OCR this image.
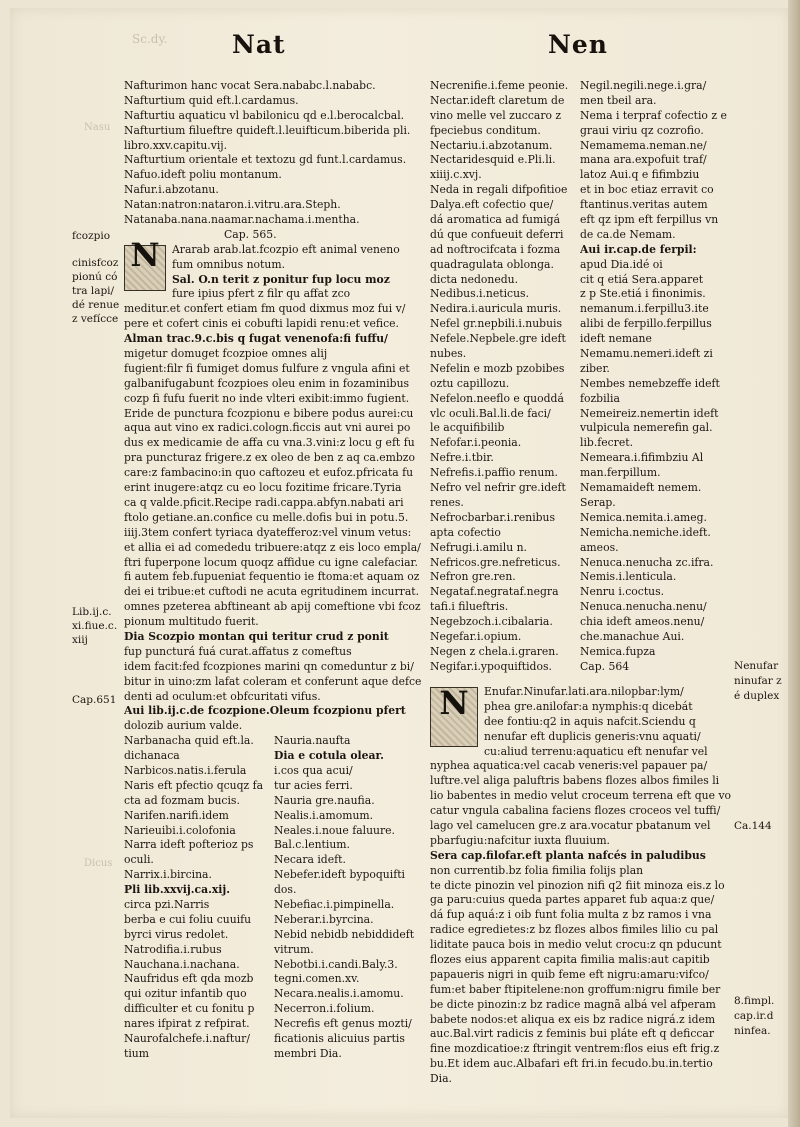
Sc.dy.
Nasu
Dicus
Nat	Nen
Nafturimon hanc vocat Sera.nababc.l.nababc.
Nafturtium quid eft.l.cardamus.
Nafturtiu aquaticu vl babilonicu qd e.l.berocalcbal.
Nafturtium filueftre quideft.l.leuifticum.biberida pli.
libro.xxv.capitu.vij.
Nafturtium orientale et textozu gd funt.l.cardamus.
Nafuo.ideft poliu montanum.
Nafur.i.abzotanu.
Natan:natron:nataron.i.vitru.ara.Steph.
Natanaba.nana.naamar.nachama.i.mentha.
Cap. 565.
N	Ararab arab.lat.fcozpio eft animal veneno
fum omnibus notum.
Sal. O.n terit z ponitur fup locu moz
fure ipius pfert z filr qu affat zco
meditur.et confert etiam fm quod dixmus moz fui v/
pere et cofert cinis ei cobufti lapidi renu:et vefice.
Alman trac.9.c.bis q fugat venenofa:fi fuffu/
migetur domuget fcozpioe omnes alij
fugient:filr fi fumiget domus fulfure z vngula afini et
galbanifugabunt fcozpioes oleu enim in fozaminibus
cozp fi fufu fuerit no inde vlteri exibit:immo fugient.
Eride de punctura fcozpionu e bibere podus aurei:cu
aqua aut vino ex radici.cologn.ficcis aut vni aurei po
dus ex medicamie de affa cu vna.3.vini:z locu g eft fu
pra puncturaz frigere.z ex oleo de ben z aq ca.embzo
care:z fambacino:in quo caftozeu et eufoz.pfricata fu
erint inugere:atqz cu eo locu fozitime fricare.Tyria
ca q valde.pficit.Recipe radi.cappa.abfyn.nabati ari
ftolo getiane.an.confice cu melle.dofis bui in potu.5.
iiij.3tem confert tyriaca dyatefferoz:vel vinum vetus:
et allia ei ad comededu tribuere:atqz z eis loco empla/
ftri fuperpone locum quoqz affidue cu igne calefaciar.
fi autem feb.fupueniat fequentio ie ftoma:et aquam oz
dei ei tribue:et cuftodi ne acuta egritudinem incurrat.
omnes pzeterea abftineant ab apij comeftione vbi fcoz
pionum multitudo fuerit.
Dia Scozpio montan qui teritur crud z ponit
fup puncturá fuá curat.affatus z comeftus
idem facit:fed fcozpiones marini qn comeduntur z bi/
bitur in uino:zm lafat coleram et conferunt aque defce
denti ad oculum:et obfcuritati vifus.
Aui lib.ij.c.de fcozpione.Oleum fcozpionu pfert
dolozib aurium valde.
Narbanacha quid eft.la.
dichanaca
Narbicos.natis.i.ferula
Naris eft pfectio qcuqz fa
cta ad fozmam bucis.
Narifen.narifi.idem
Narieuibi.i.colofonia
Narra ideft pofterioz ps
oculi.
Narrix.i.bircina.
Pli lib.xxvij.ca.xij.
circa pzi.Narris
berba e cui foliu cuuifu
byrci virus redolet.
Natrodifia.i.rubus
Nauchana.i.nachana.
Naufridus eft qda mozb
qui ozitur infantib quo
difficulter et cu fonitu p
nares ifpirat z refpirat.
Naurofalchefe.i.naftur/
tium
Nauria.naufta
Dia e cotula olear.
i.cos qua acui/
tur acies ferri.
Nauria gre.naufia.
Nealis.i.amomum.
Neales.i.noue faluure.
Bal.c.lentium.
Necara ideft.
Nebefer.ideft bypoquifti
dos.
Nebefiac.i.pimpinella.
Neberar.i.byrcina.
Nebid nebidb nebiddideft
vitrum.
Nebotbi.i.candi.Baly.3.
tegni.comen.xv.
Necara.nealis.i.amomu.
Necerron.i.folium.
Necrefis eft genus mozti/
ficationis alicuius partis
membri Dia.
Necrenifie.i.feme peonie.
Nectar.ideft claretum de
vino melle vel zuccaro z
fpeciebus conditum.
Nectariu.i.abzotanum.
Nectaridesquid e.Pli.li.
xiiij.c.xvj.
Neda in regali difpofitioe
Dalya.eft cofectio que/
dá aromatica ad fumigá
dú que confueuit deferri
ad noftrocifcata i fozma
quadragulata oblonga.
dicta nedonedu.
Nedibus.i.neticus.
Nedira.i.auricula muris.
Nefel gr.nepbili.i.nubuis
Nefele.Nepbele.gre ideft
nubes.
Nefelin e mozb pzobibes
oztu capillozu.
Nefelon.neeflo e quoddá
vlc oculi.Bal.li.de faci/
le acquifibilib
Nefofar.i.peonia.
Nefre.i.tbir.
Nefrefis.i.paffio renum.
Nefro vel nefrir gre.ideft
renes.
Nefrocbarbar.i.renibus
apta cofectio
Nefrugi.i.amilu n.
Nefricos.gre.nefreticus.
Nefron gre.ren.
Negataf.negrataf.negra
tafi.i filueftris.
Negebzoch.i.cibalaria.
Negefar.i.opium.
Negen z chela.i.graren.
Negifar.i.ypoquiftidos.
Negil.negili.nege.i.gra/
men tbeil ara.
Nema i terpraf cofectio z e
graui viriu qz cozrofio.
Nemamema.neman.ne/
mana ara.expofuit traf/
latoz Aui.q e fifimbziu
et in boc etiaz erravit co
ftantinus.veritas autem
eft qz ipm eft ferpillus vn
de ca.de Nemam.
Aui ir.cap.de ferpil:
apud Dia.idé oi
cit q etiá Sera.apparet
z p Ste.etiá i finonimis.
nemanum.i.ferpillu3.ite
alibi de ferpillo.ferpillus
ideft nemane
Nemamu.nemeri.ideft zi
ziber.
Nembes nemebzeffe ideft
fozbilia
Nemeireiz.nemertin ideft
vulpicula nemerefin gal.
lib.fecret.
Nemeara.i.fifimbziu Al
man.ferpillum.
Nemamaideft nemem.
Serap.
Nemica.nemita.i.ameg.
Nemicha.nemiche.ideft.
ameos.
Nenuca.nenucha zc.ifra.
Nemis.i.lenticula.
Nenru i.coctus.
Nenuca.nenucha.nenu/
chia ideft ameos.nenu/
che.manachue Aui.
Nemica.fupza
Cap. 564
N	Enufar.Ninufar.lati.ara.nilopbar:lym/
phea gre.anilofar:a nymphis:q dicebát
dee fontiu:q2 in aquis nafcit.Sciendu q
nenufar eft duplicis generis:vnu aquati/
cu:aliud terrenu:aquaticu eft nenufar vel
nyphea aquatica:vel cacab veneris:vel papauer pa/
luftre.vel aliga paluftris babens flozes albos fimiles li
lio babentes in medio velut croceum terrena eft que vo
catur vngula cabalina faciens flozes croceos vel tuffi/
lago vel camelucen gre.z ara.vocatur pbatanum vel
pbarfugiu:nafcitur iuxta fluuium.
Sera cap.filofar.eft planta nafcés in paludibus
non currentib.bz folia fimilia folijs plan
te dicte pinozin vel pinozion nifi q2 fiit minoza eis.z lo
ga paru:cuius queda partes apparet fub aqua:z que/
dá fup aquá:z i oib funt folia multa z bz ramos i vna
radice egredietes:z bz flozes albos fimiles lilio cu pal
liditate pauca bois in medio velut crocu:z qn pducunt
flozes eius apparent capita fimilia malis:aut capitib
papaueris nigri in quib feme eft nigru:amaru:vifco/
fum:et baber ftipitelene:non groffum:nigru fimile ber
be dicte pinozin:z bz radice magnã albá vel afperam
babete nodos:et aliqua ex eis bz radice nigrá.z idem
auc.Bal.virt radicis z feminis bui pláte eft q deficcar
fine mozdicatioe:z ftringit ventrem:flos eius eft frig.z
bu.Et idem auc.Albafari eft fri.in fecudo.bu.in.tertio
Dia.
fcozpio
cinisfcoz
pionú có
tra lapi/
dé renue
z vefícce
Lib.ij.c.
xi.fiue.c.
xiij
Cap.651
Nenufar
ninufar z
é duplex
Ca.144
8.fimpl.
cap.ir.d
ninfea.
